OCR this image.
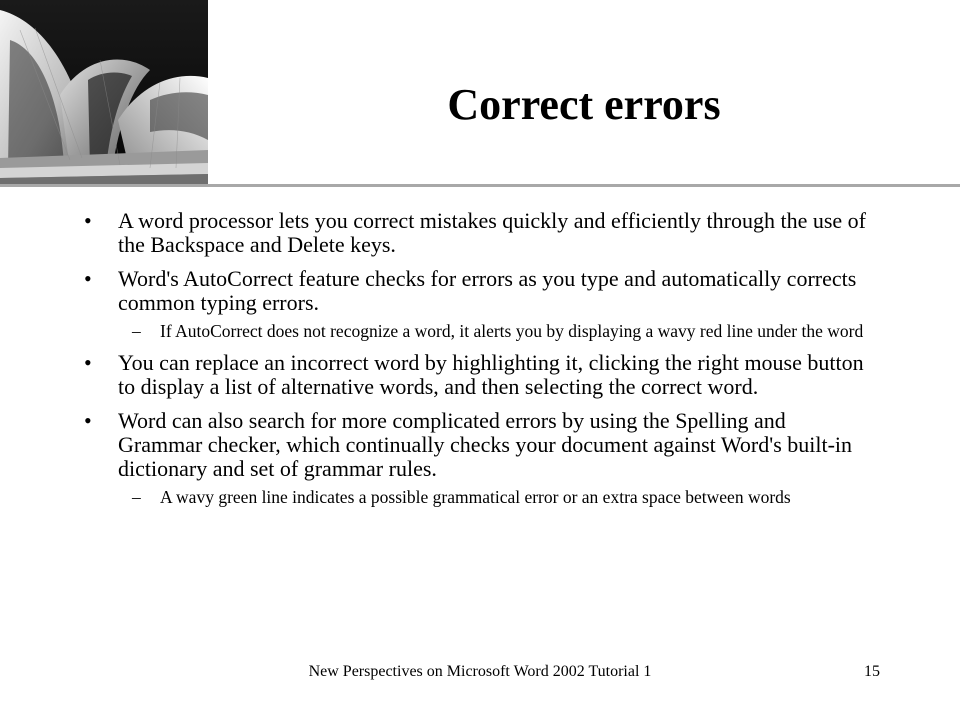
Correct errors
•	A word processor lets you correct mistakes quickly and efficiently through the use of the Backspace and Delete keys.
•	Word's AutoCorrect feature checks for errors as you type and automatically corrects common typing errors.
– If AutoCorrect does not recognize a word, it alerts you by displaying a wavy red line under the word
•	You can replace an incorrect word by highlighting it, clicking the right mouse button to display a list of alternative words, and then selecting the correct word.
•	Word can also search for more complicated errors by using the Spelling and Grammar checker, which continually checks your document against Word's built-in dictionary and set of grammar rules.
– A wavy green line indicates a possible grammatical error or an extra space between words
New Perspectives on Microsoft Word 2002 Tutorial 1	15
